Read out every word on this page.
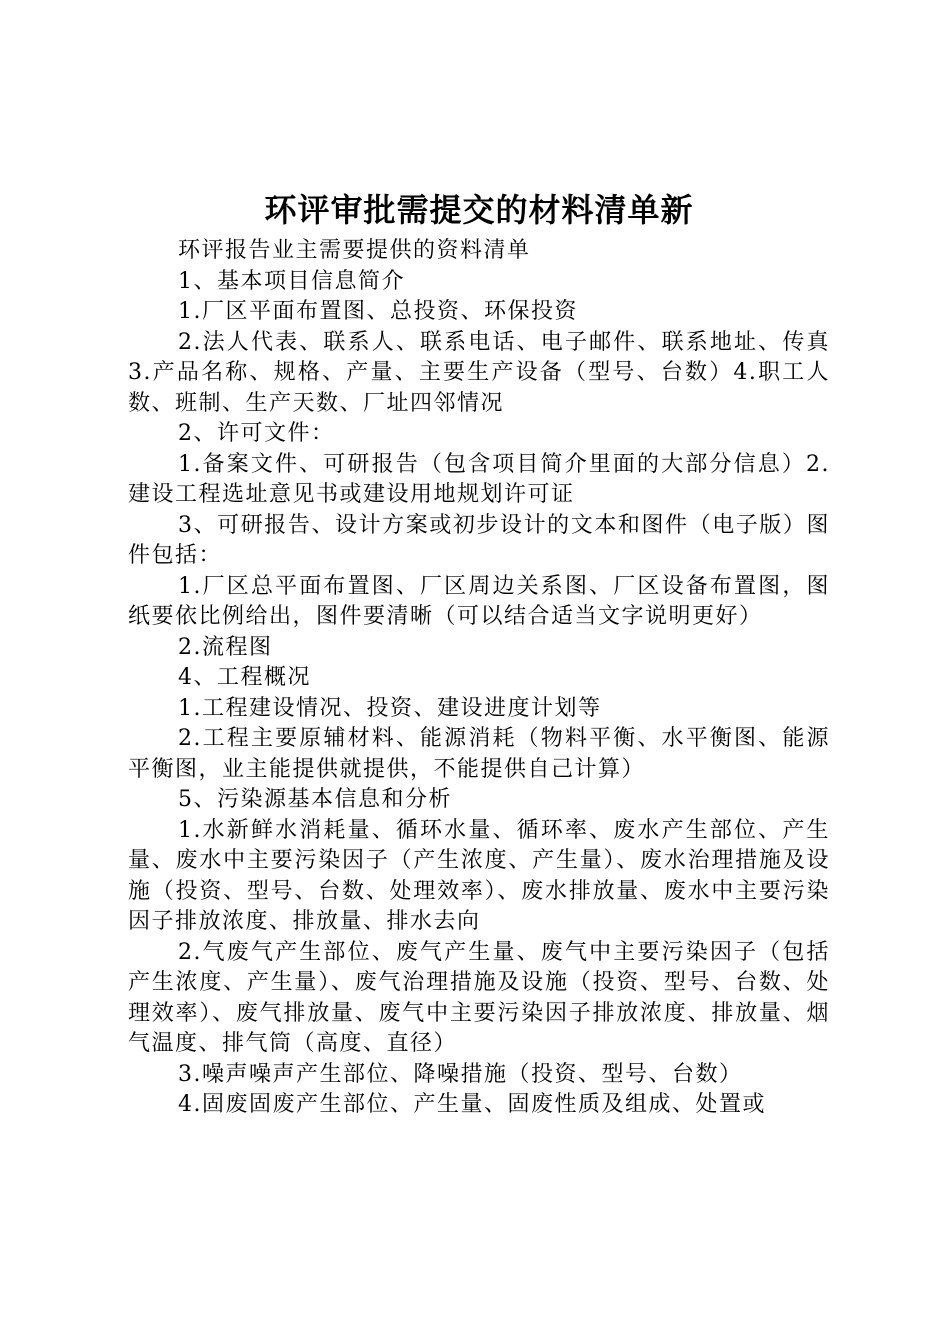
环评审批需提交的材料清单新

环评报告业主需要提供的资料清单

1、基本项目信息简介

1.厂区平面布置图、总投资、环保投资

2.法人代表、联系人、联系电话、电子邮件、联系地址、传真3.产品名称、规格、产量、主要生产设备（型号、台数）4.职工人数、班制、生产天数、厂址四邻情况

2、许可文件：

1.备案文件、可研报告（包含项目简介里面的大部分信息）2.建设工程选址意见书或建设用地规划许可证

3、可研报告、设计方案或初步设计的文本和图件（电子版）图件包括：

1.厂区总平面布置图、厂区周边关系图、厂区设备布置图，图纸要依比例给出，图件要清晰（可以结合适当文字说明更好）

2.流程图

4、工程概况

1.工程建设情况、投资、建设进度计划等

2.工程主要原辅材料、能源消耗（物料平衡、水平衡图、能源平衡图，业主能提供就提供，不能提供自己计算）

5、污染源基本信息和分析

1.水新鲜水消耗量、循环水量、循环率、废水产生部位、产生量、废水中主要污染因子（产生浓度、产生量）、废水治理措施及设施（投资、型号、台数、处理效率）、废水排放量、废水中主要污染因子排放浓度、排放量、排水去向

2.气废气产生部位、废气产生量、废气中主要污染因子（包括产生浓度、产生量）、废气治理措施及设施（投资、型号、台数、处理效率）、废气排放量、废气中主要污染因子排放浓度、排放量、烟气温度、排气筒（高度、直径）

3.噪声噪声产生部位、降噪措施（投资、型号、台数）

4.固废固废产生部位、产生量、固废性质及组成、处置或
